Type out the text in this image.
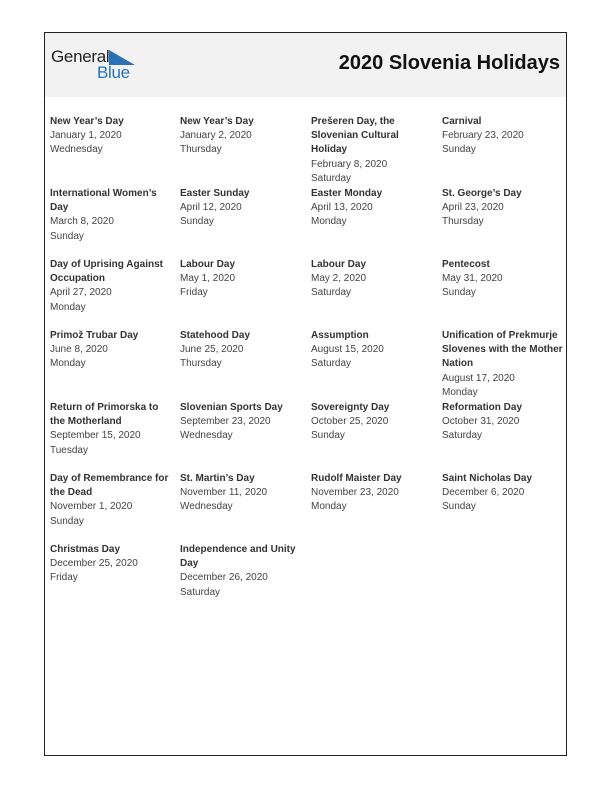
General
Blue	2020 Slovenia Holidays
New Year’s Day
January 1, 2020
Wednesday
New Year’s Day
January 2, 2020
Thursday
Prešeren Day, the Slovenian Cultural Holiday
February 8, 2020
Saturday
Carnival
February 23, 2020
Sunday
International Women’s Day
March 8, 2020
Sunday
Easter Sunday
April 12, 2020
Sunday
Easter Monday
April 13, 2020
Monday
St. George’s Day
April 23, 2020
Thursday
Day of Uprising Against Occupation
April 27, 2020
Monday
Labour Day
May 1, 2020
Friday
Labour Day
May 2, 2020
Saturday
Pentecost
May 31, 2020
Sunday
Primož Trubar Day
June 8, 2020
Monday
Statehood Day
June 25, 2020
Thursday
Assumption
August 15, 2020
Saturday
Unification of Prekmurje Slovenes with the Mother Nation
August 17, 2020
Monday
Return of Primorska to the Motherland
September 15, 2020
Tuesday
Slovenian Sports Day
September 23, 2020
Wednesday
Sovereignty Day
October 25, 2020
Sunday
Reformation Day
October 31, 2020
Saturday
Day of Remembrance for the Dead
November 1, 2020
Sunday
St. Martin’s Day
November 11, 2020
Wednesday
Rudolf Maister Day
November 23, 2020
Monday
Saint Nicholas Day
December 6, 2020
Sunday
Christmas Day
December 25, 2020
Friday
Independence and Unity Day
December 26, 2020
Saturday
